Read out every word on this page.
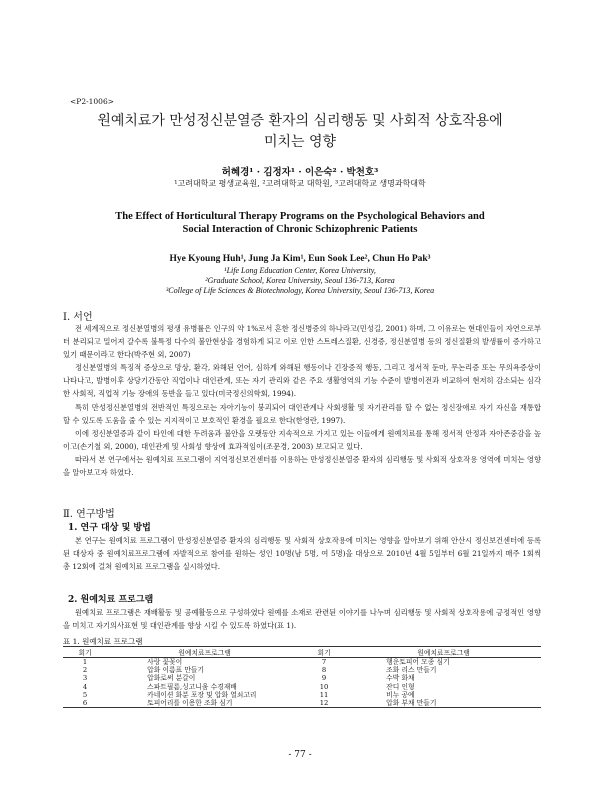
<P2-1006>
원예치료가 만성정신분열증 환자의 심리행동 및 사회적 상호작용에
미치는 영향
허혜경¹ · 김정자¹ · 이은숙² · 박천호³
¹고려대학교 평생교육원, ²고려대학교 대학원, ³고려대학교 생명과학대학
The Effect of Horticultural Therapy Programs on the Psychological Behaviors and
Social Interaction of Chronic Schizophrenic Patients
Hye Kyoung Huh¹, Jung Ja Kim¹, Eun Sook Lee², Chun Ho Pak³
¹Life Long Education Center, Korea University,
²Graduate School, Korea University, Seoul 136-713, Korea
³College of Life Sciences & Biotechnology, Korea University, Seoul 136-713, Korea
Ⅰ. 서언

전 세계적으로 정신분열병의 평생 유병률은 인구의 약 1%로서 흔한 정신병증의 하나라고(민성길, 2001) 하며, 그 이유로는 현대인들이 자연으로부터 분리되고 밀어져 갈수록 불특정 다수의 불안현상을 경험하게 되고 이로 인한 스트레스질환, 신경증, 정신분열병 등의 정신질환의 발생률이 증가하고 있기 때문이라고 한다(박주현 외, 2007)

정신분열병의 특징적 증상으로 망상, 환각, 와해된 언어, 심하게 와해된 행동이나 긴장증적 행동, 그리고 정서적 둔마, 무논리증 또는 무의욕증상이 나타나고, 발병이후 상당기간동안 직업이나 대인관계, 또는 자기 관리와 같은 주요 생활영역의 기능 수준이 발병이전과 비교하여 현저히 감소되는 심각한 사회적, 직업적 기능 장애의 동반을 들고 있다(미국정신의학회, 1994).

특히 만성정신분열병의 전반적인 특징으로는 자아기능이 붕괴되어 대인관계나 사회생활 및 자기관리를 할 수 없는 정신장애로 자기 자신을 재통합 할 수 있도록 도움을 줄 수 있는 지지적이고 보호적인 환경을 필요로 한다(한영란, 1997).

이에 정신분열증과 같이 타인에 대한 두려움과 불안을 오랫동안 지속적으로 가지고 있는 이들에게 원예치료를 통해 정서적 안정과 자아존중감을 높이고(손기철 외, 2000), 대인관계 및 사회성 향상에 효과적임이(조문경, 2003) 보고되고 있다.

따라서 본 연구에서는 원예치료 프로그램이 지역정신보건센터를 이용하는 만성정신분열증 환자의 심리행동 및 사회적 상호작용 영역에 미치는 영향을 알아보고자 하였다.

Ⅱ. 연구방법
1. 연구 대상 및 방법

본 연구는 원예치료 프로그램이 만성정신분열증 환자의 심리행동 및 사회적 상호작용에 미치는 영향을 알아보기 위해 안산시 정신보건센터에 등록된 대상자 중 원예치료프로그램에 자발적으로 참여를 원하는 성인 10명(남 5명, 여 5명)을 대상으로 2010년 4월 5일부터 6월 21일까지 매주 1회씩 총 12회에 걸쳐 원예치료 프로그램을 실시하였다.

2. 원예치료 프로그램

원예치료 프로그램은 재배활동 및 공예활동으로 구성하였다 원예를 소재로 관련된 이야기를 나누며 심리행동 및 사회적 상호작용에 긍정적인 영향을 미치고 자기의사표현 및 대인관계를 향상 시킬 수 있도록 하였다(표 1).

표 1. 원예치료 프로그램
회기	원예치료프로그램	회기	원예치료프로그램
1	사랑 꽃꽂이	7	행운토피어 모종 심기
2	압화 이름표 만들기	8	조화 리스 만들기
3	압화로써 분갈이	9	수박 화채
4	스파트필름,싱고니움 수경재배	10	잔디 인형
5	카네이션 화분 포장 및 압화 열쇠고리	11	비누 공예
6	토피어리를 이용한 조화 심기	12	압화 부채 만들기
- 77 -
